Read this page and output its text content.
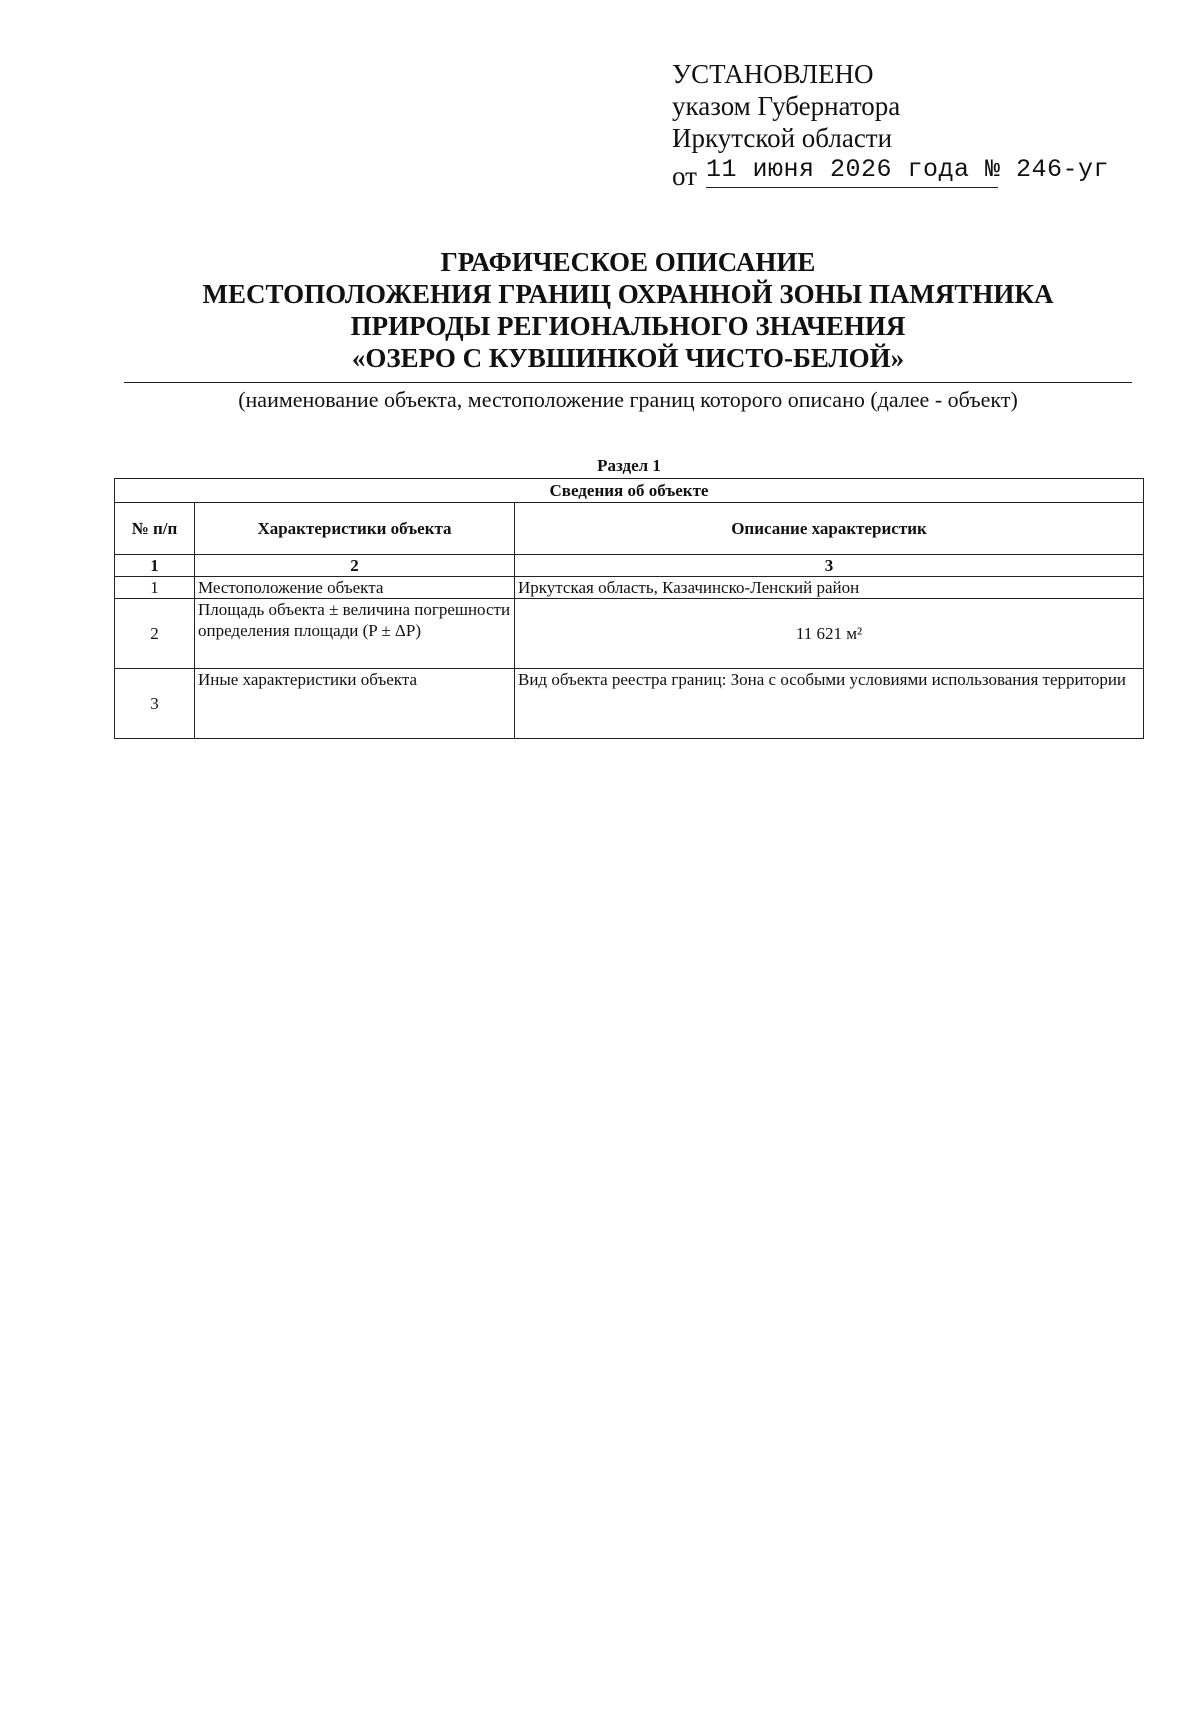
УСТАНОВЛЕНО
указом Губернатора
Иркутской области
от 11 июня 2026 года № 246-уг
ГРАФИЧЕСКОЕ ОПИСАНИЕ
МЕСТОПОЛОЖЕНИЯ ГРАНИЦ ОХРАННОЙ ЗОНЫ ПАМЯТНИКА
ПРИРОДЫ РЕГИОНАЛЬНОГО ЗНАЧЕНИЯ
«ОЗЕРО С КУВШИНКОЙ ЧИСТО-БЕЛОЙ»
(наименование объекта, местоположение границ которого описано (далее - объект)
Раздел 1
Сведения об объекте		
№ п/п	Характеристики объекта	Описание характеристик
1	2	3
1	Местоположение объекта	Иркутская область, Казачинско-Ленский район
2	Площадь объекта ± величина погрешности определения площади (P ± ΔP)	11 621 м²
3	Иные характеристики объекта	Вид объекта реестра границ: Зона с особыми условиями использования территории
